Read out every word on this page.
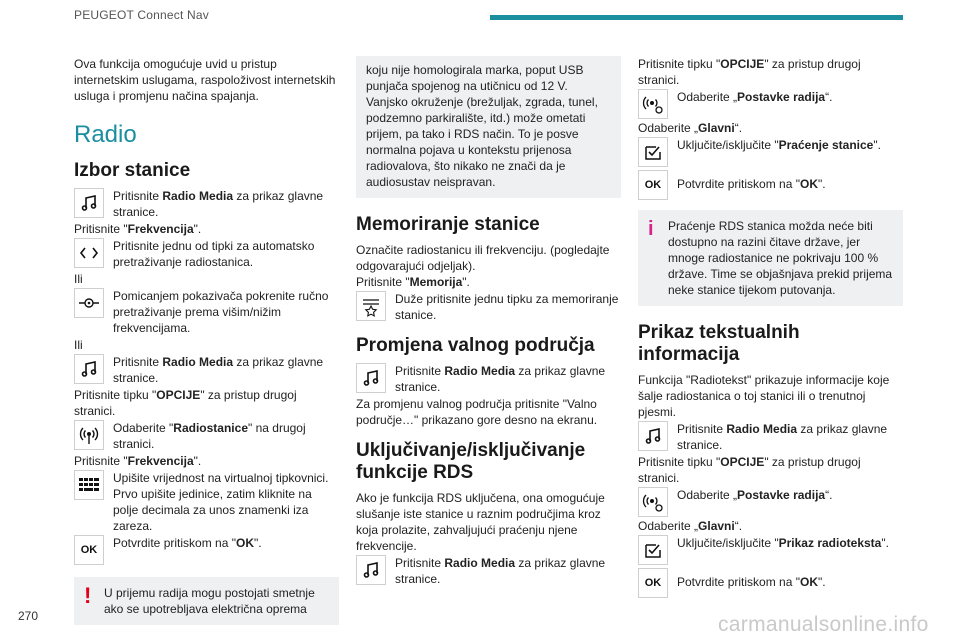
PEUGEOT Connect Nav

Ova funkcija omogućuje uvid u pristup internetskim uslugama, raspoloživost internetskih usluga i promjenu načina spajanja.

Radio
Izbor stanice
Pritisnite Radio Media za prikaz glavne stranice.

Pritisnite "Frekvencija".

Pritisnite jednu od tipki za automatsko pretraživanje radiostanica.

Ili

Pomicanjem pokazivača pokrenite ručno pretraživanje prema višim/nižim frekvencijama.

Ili

Pritisnite Radio Media za prikaz glavne stranice.

Pritisnite tipku "OPCIJE" za pristup drugoj stranici.

Odaberite "Radiostanice" na drugoj stranici.

Pritisnite "Frekvencija".

Upišite vrijednost na virtualnoj tipkovnici. Prvo upišite jedinice, zatim kliknite na polje decimala za unos znamenki iza zareza.
OK	Potvrdite pritiskom na "OK".
! U prijemu radija mogu postojati smetnje ako se upotrebljava električna oprema

koju nije homologirala marka, poput USB punjača spojenog na utičnicu od 12 V. Vanjsko okruženje (brežuljak, zgrada, tunel, podzemno parkiralište, itd.) može ometati prijem, pa tako i RDS način. To je posve normalna pojava u kontekstu prijenosa radiovalova, što nikako ne znači da je audiosustav neispravan.

Memoriranje stanice

Označite radiostanicu ili frekvenciju. (pogledajte odgovarajući odjeljak).

Pritisnite "Memorija".

Duže pritisnite jednu tipku za memoriranje stanice.
Promjena valnog područja
Pritisnite Radio Media za prikaz glavne stranice.

Za promjenu valnog područja pritisnite "Valno područje…" prikazano gore desno na ekranu.

Uključivanje/isključivanje funkcije RDS

Ako je funkcija RDS uključena, ona omogućuje slušanje iste stanice u raznim područjima kroz koja prolazite, zahvaljujući praćenju njene frekvencije.

Pritisnite Radio Media za prikaz glavne stranice.

Pritisnite tipku "OPCIJE" za pristup drugoj stranici.

Odaberite „Postavke radija“.

Odaberite „Glavni“.

Uključite/isključite "Praćenje stanice".
OK	Potvrdite pritiskom na "OK".
i Praćenje RDS stanica možda neće biti dostupno na razini čitave države, jer mnoge radiostanice ne pokrivaju 100 % države. Time se objašnjava prekid prijema neke stanice tijekom putovanja.

Prikaz tekstualnih informacija

Funkcija "Radiotekst" prikazuje informacije koje šalje radiostanica o toj stanici ili o trenutnoj pjesmi.

Pritisnite Radio Media za prikaz glavne stranice.

Pritisnite tipku "OPCIJE" za pristup drugoj stranici.

Odaberite „Postavke radija“.

Odaberite „Glavni“.

Uključite/isključite "Prikaz radioteksta".
OK	Potvrdite pritiskom na "OK".
270	carmanualsonline.info
